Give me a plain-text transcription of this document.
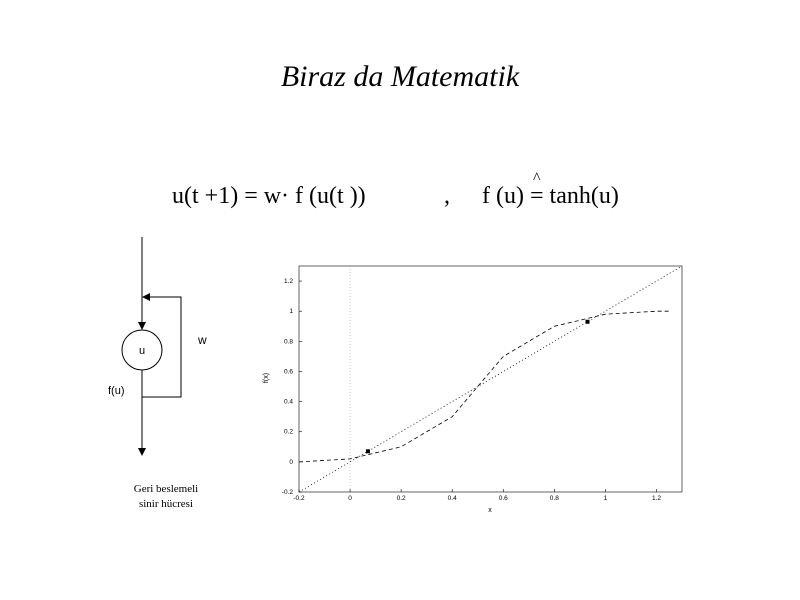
Biraz da Matematik
u(t +1) = w· f (u(t ))	, f (u) ^ = tanh(u)
u
w
f(u)
-0.2	0	0.2	0.4	0.6	0.8	1	1.2
1.2
1
0.8
0.6
0.4
0.2
0
-0.2
f(x)
x
Geri beslemeli
sinir hücresi
